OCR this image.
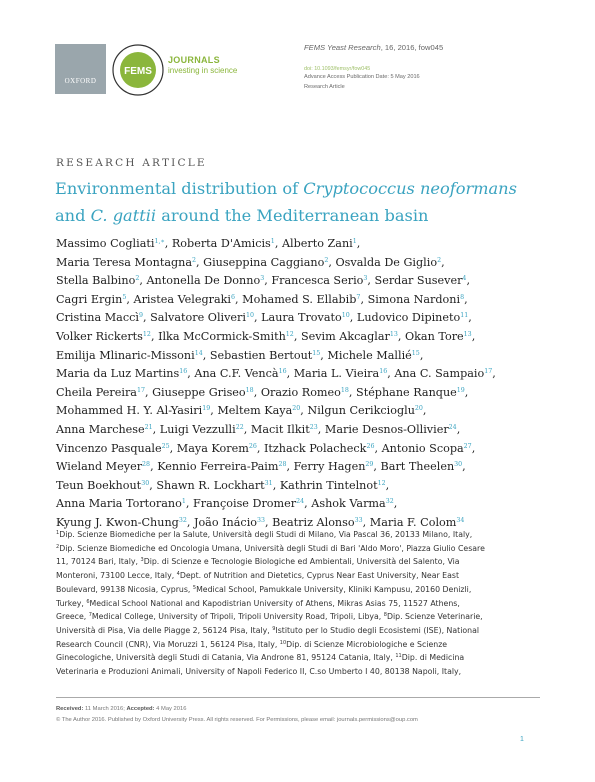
OXFORD
FEMS
JOURNALS
investing in science
FEMS Yeast Research, 16, 2016, fow045
doi: 10.1093/femsyr/fow045
Advance Access Publication Date: 5 May 2016
Research Article
RESEARCH ARTICLE
Environmental distribution of Cryptococcus neoformans
and C. gattii around the Mediterranean basin
Massimo Cogliati$^{1,∗}$, Roberta D'Amicis$^1$, Alberto Zani$^1$,
Maria Teresa Montagna$^2$, Giuseppina Caggiano$^2$, Osvalda De Giglio$^2$,
Stella Balbino$^2$, Antonella De Donno$^3$, Francesca Serio$^3$, Serdar Susever$^4$,
Cagri Ergin$^5$, Aristea Velegraki$^6$, Mohamed S. Ellabib$^7$, Simona Nardoni$^8$,
Cristina Maccì$^9$, Salvatore Oliveri$^{10}$, Laura Trovato$^{10}$, Ludovico Dipineto$^{11}$,
Volker Rickerts$^{12}$, Ilka McCormick-Smith$^{12}$, Sevim Akcaglar$^{13}$, Okan Tore$^{13}$,
Emilija Mlinaric-Missoni$^{14}$, Sebastien Bertout$^{15}$, Michele Mallié$^{15}$,
Maria da Luz Martins$^{16}$, Ana C.F. Vencà$^{16}$, Maria L. Vieira$^{16}$, Ana C. Sampaio$^{17}$,
Cheila Pereira$^{17}$, Giuseppe Griseo$^{18}$, Orazio Romeo$^{18}$, Stéphane Ranque$^{19}$,
Mohammed H. Y. Al-Yasiri$^{19}$, Meltem Kaya$^{20}$, Nilgun Cerikcioglu$^{20}$,
Anna Marchese$^{21}$, Luigi Vezzulli$^{22}$, Macit Ilkit$^{23}$, Marie Desnos-Ollivier$^{24}$,
Vincenzo Pasquale$^{25}$, Maya Korem$^{26}$, Itzhack Polacheck$^{26}$, Antonio Scopa$^{27}$,
Wieland Meyer$^{28}$, Kennio Ferreira-Paim$^{28}$, Ferry Hagen$^{29}$, Bart Theelen$^{30}$,
Teun Boekhout$^{30}$, Shawn R. Lockhart$^{31}$, Kathrin Tintelnot$^{12}$,
Anna Maria Tortorano$^1$, Françoise Dromer$^{24}$, Ashok Varma$^{32}$,
Kyung J. Kwon-Chung$^{32}$, João Inácio$^{33}$, Beatriz Alonso$^{33}$, Maria F. Colom$^{34}$
$^1$Dip. Scienze Biomediche per la Salute, Università degli Studi di Milano, Via Pascal 36, 20133 Milano, Italy,
$^2$Dip. Scienze Biomediche ed Oncologia Umana, Università degli Studi di Bari 'Aldo Moro', Piazza Giulio Cesare
11, 70124 Bari, Italy, $^3$Dip. di Scienze e Tecnologie Biologiche ed Ambientali, Università del Salento, Via
Monteroni, 73100 Lecce, Italy, $^4$Dept. of Nutrition and Dietetics, Cyprus Near East University, Near East
Boulevard, 99138 Nicosia, Cyprus, $^5$Medical School, Pamukkale University, Kliniki Kampusu, 20160 Denizli,
Turkey, $^6$Medical School National and Kapodistrian University of Athens, Mikras Asias 75, 11527 Athens,
Greece, $^7$Medical College, University of Tripoli, Tripoli University Road, Tripoli, Libya, $^8$Dip. Scienze Veterinarie,
Università di Pisa, Via delle Piagge 2, 56124 Pisa, Italy, $^9$Istituto per lo Studio degli Ecosistemi (ISE), National
Research Council (CNR), Via Moruzzi 1, 56124 Pisa, Italy, $^{10}$Dip. di Scienze Microbiologiche e Scienze
Ginecologiche, Università degli Studi di Catania, Via Androne 81, 95124 Catania, Italy, $^{11}$Dip. di Medicina
Veterinaria e Produzioni Animali, University of Napoli Federico II, C.so Umberto I 40, 80138 Napoli, Italy,
Received: 11 March 2016; Accepted: 4 May 2016
© The Author 2016. Published by Oxford University Press. All rights reserved. For Permissions, please email: journals.permissions@oup.com
1
